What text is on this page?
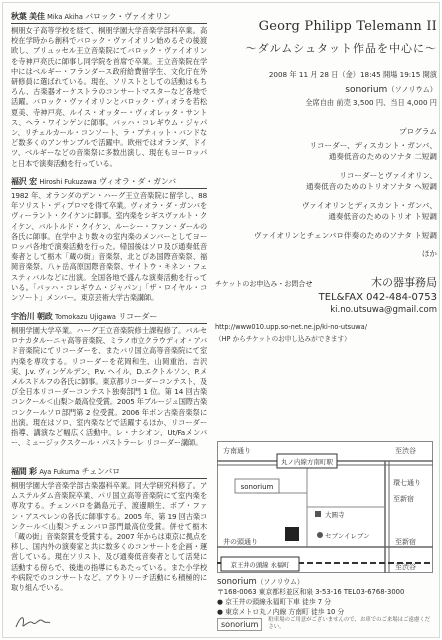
秋葉 美佳 Mika Akiha バロック・ヴァイオリン
桐朋女子高等学校を経て、桐朋学園大学音楽学部科卒業。高校在学時から創科でバロック・ヴァイオリン始めるその後渡欧し、ブリュッセル王立音楽院にてバロック・ヴァイオリンを寺神戸亮氏に師事し同学院を首席で卒業。王立音楽院在学中にはベルギー・フランダース政府給費留学生、文化庁在外研修員に選ばれている。現在、ソリストとしての活動はもちろん、古楽器オーケストラのコンサートマスターなど各地で活躍。バロック・ヴァイオリンとバロック・ヴィオラを若松夏美、寺神戸亮、ルイス・オッター・ヴィオレッタ・サントス、ヘラ・ワインゲンに師事。バッハ・コレギウム・ジャパン、リチェルカール・コンソート、ラ・プティット・バンドなど数多くのアンサンブルで活躍中。欧州ではオランダ、ドイツ、ベルギーなどの音楽祭に多数出演し、現在もヨーロッパと日本で演奏活動を行っている。
福沢 宏 Hiroshi Fukuzawa ヴィオラ・ダ・ガンバ
1982 年、オランダのデン・ハーグ王立音楽院に留学し、88 年ソリスト・ディプロマを得て卒業。ヴィオラ・ダ・ガンバをヴィーラント・クイケンに師事。室内楽をシギスヴァルト・クイケン、バルトルド・クイケン、ルーシー・ファン・ダールの各氏に師事。在学中より数々の室内楽のメンバーとしてヨーロッパ各地で演奏活動を行った。帰国後はソロ及び通奏低音奏者として栃木「蔵の街」音楽祭、北とぴあ国際音楽祭、福岡音楽祭、八ヶ岳高原国際音楽祭、サイトウ・キネン・フェスティバルなどに出演。全国各地で盛んな演奏活動を行っている。「バッハ・コレギウム・ジャパン」「ザ・ロイヤル・コンソート」メンバー。東京芸術大学古楽講師。
宇治川 朝政 Tomokazu Ujigawa リコーダー
桐朋学園大学卒業。ハーグ王立音楽院修士課程修了。バルセロナカタルーニャ高等音楽院、ミラノ市立クラウディオ・アバド音楽院にてリコーダーを、またバリ国立高等音楽院にて室内楽を専攻する。リコーダーを花岡和生、山岡重治、吉沢実、J.v. ヴィンゲルデン、P.v. ヘイル、D.エクトルソン、P.メメルスドルフの各氏に師事。東京都リコーダーコンテスト、及び全日本リコーダーコンテスト独奏部門 1 位。第 14 回古楽コンクール＜山梨＞最高位受賞。2005 年ブルージュ国際古楽コンクールソロ部門第 2 位受賞。2006 年ボン古楽音楽祭に出演。現在はソロ、室内楽などで活躍するほか、リコーダー指導、講演など幅広く活動中。レ・ナシオン、Ut/Faメンバー、ミュージックスクール・パストラーレ リコーダー講師。
福間 彩 Aya Fukuma チェンバロ
桐朋学園大学音楽学部古楽器科卒業。同大学研究科修了。アムステルダム音楽院卒業、パリ国立高等音楽院にて室内楽を専攻する。チェンバロを鍋島元子、渡邊順生、ボブ・ファン・アスペレンの各氏に師事する。2005 年、第 19 回古楽コンクール＜山梨＞チェンバロ部門最高位受賞。併せて栃木「蔵の街」音楽祭賞を受賞する。2007 年からは東京に拠点を移し、国内外の演奏家と共に数多くのコンサートを企画・運営している。現在ソリスト、及び通奏低音奏者として活発に活動する傍らで、後進の指導にもあたっている。また小学校や病院でのコンサートなど、アウトリーチ活動にも積極的に取り組んでいる。
Georg Philipp Telemann II
～ダルムシュタット作品を中心に～
2008 年 11 月 28 日（金）18:45 開場 19:15 開演
sonorium（ソノリウム）
全席自由 前売 3,500 円、当日 4,000 円
プログラム
リコーダー、ディスカント・ガンバ、
通奏低音のためのソナタ 二短調
リコーダーとヴァイオリン、
通奏低音のためのトリオソナタ へ短調
ヴァイオリンとディスカント・ガンバ、
通奏低音のためのトリオ ト短調
ヴァイオリンとチェンバロ伴奏のためのソナタ ト短調
ほか
チケットのお申込み・お問合せ	木の器事務局
TEL&FAX 042-484-0753
ki.no.utsuwa@gmail.com
http://www010.upp.so-net.ne.jp/ki-no-utsuwa/
（HP からチケットのお申し込みができます）
方南通り
丸ノ内線方南町駅
至渋谷
環七通り
至新宿
sonorium
大圓寺
セブンイレブン
井の頭通り	至新宿
京王井の頭線 永福町	至渋谷
sonorium（ソノリウム）
〒168-0063 東京都杉並区和泉 3-53-16 TEL03-6768-3000
● 京王井の頭線永福町下車 徒歩 7 分
● 東京メトロ丸ノ内線 方南町 徒歩 10 分
sonorium	駐車場のご用意がございませんので、お車でのご来場はご遠慮ください。
